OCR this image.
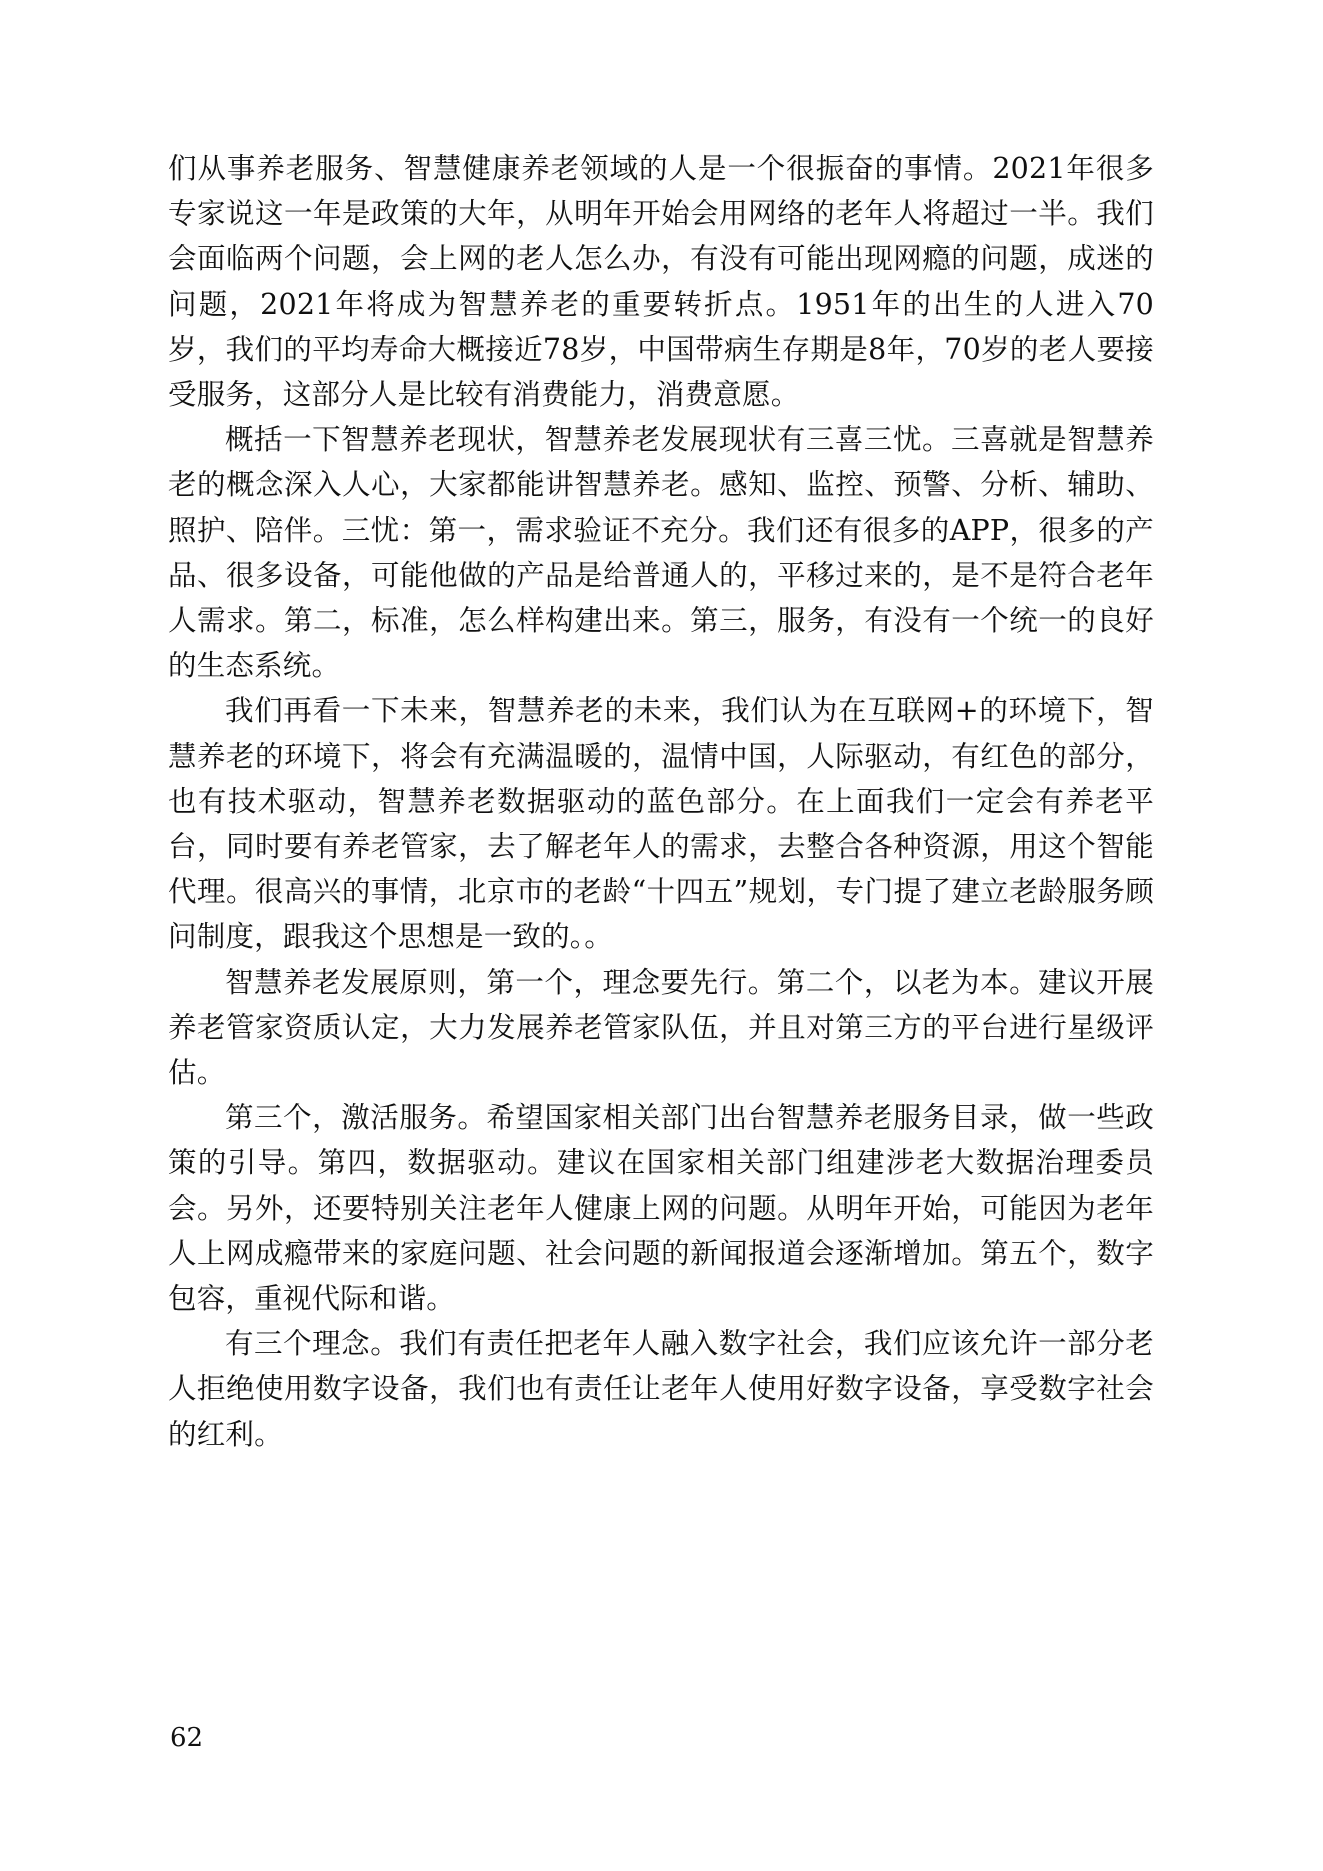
们从事养老服务、智慧健康养老领域的人是一个很振奋的事情。2021年很多专家说这一年是政策的大年，从明年开始会用网络的老年人将超过一半。我们会面临两个问题，会上网的老人怎么办，有没有可能出现网瘾的问题，成迷的问题，2021年将成为智慧养老的重要转折点。1951年的出生的人进入70岁，我们的平均寿命大概接近78岁，中国带病生存期是8年，70岁的老人要接受服务，这部分人是比较有消费能力，消费意愿。

概括一下智慧养老现状，智慧养老发展现状有三喜三忧。三喜就是智慧养老的概念深入人心，大家都能讲智慧养老。感知、监控、预警、分析、辅助、照护、陪伴。三忧：第一，需求验证不充分。我们还有很多的APP，很多的产品、很多设备，可能他做的产品是给普通人的，平移过来的，是不是符合老年人需求。第二，标准，怎么样构建出来。第三，服务，有没有一个统一的良好的生态系统。

我们再看一下未来，智慧养老的未来，我们认为在互联网+的环境下，智慧养老的环境下，将会有充满温暖的，温情中国，人际驱动，有红色的部分，也有技术驱动，智慧养老数据驱动的蓝色部分。在上面我们一定会有养老平台，同时要有养老管家，去了解老年人的需求，去整合各种资源，用这个智能代理。很高兴的事情，北京市的老龄“十四五”规划，专门提了建立老龄服务顾问制度，跟我这个思想是一致的。。

智慧养老发展原则，第一个，理念要先行。第二个，以老为本。建议开展养老管家资质认定，大力发展养老管家队伍，并且对第三方的平台进行星级评估。

第三个，激活服务。希望国家相关部门出台智慧养老服务目录，做一些政策的引导。第四，数据驱动。建议在国家相关部门组建涉老大数据治理委员会。另外，还要特别关注老年人健康上网的问题。从明年开始，可能因为老年人上网成瘾带来的家庭问题、社会问题的新闻报道会逐渐增加。第五个，数字包容，重视代际和谐。

有三个理念。我们有责任把老年人融入数字社会，我们应该允许一部分老人拒绝使用数字设备，我们也有责任让老年人使用好数字设备，享受数字社会的红利。

62
